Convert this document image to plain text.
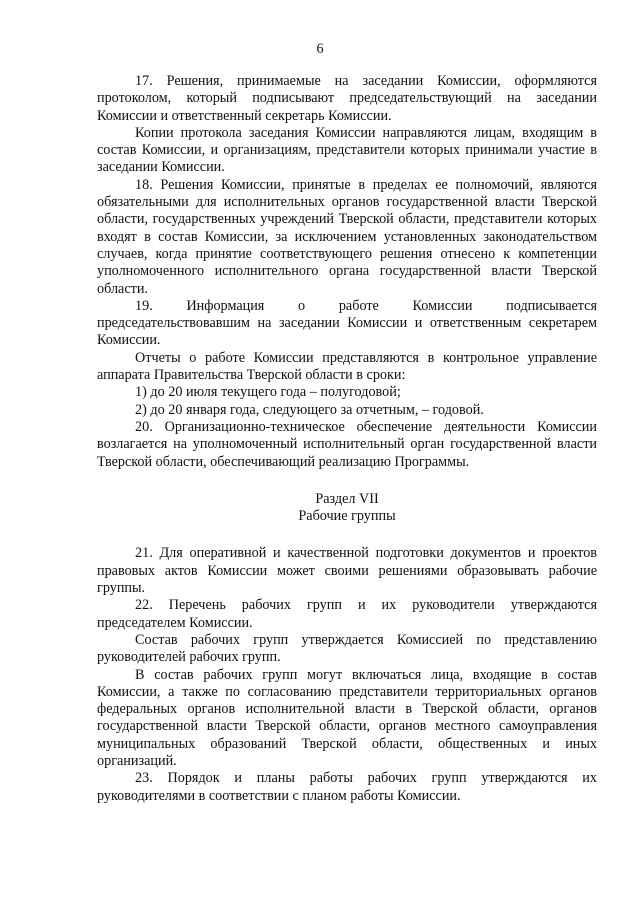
6

17. Решения, принимаемые на заседании Комиссии, оформляются протоколом, который подписывают председательствующий на заседании Комиссии и ответственный секретарь Комиссии.

Копии протокола заседания Комиссии направляются лицам, входящим в состав Комиссии, и организациям, представители которых принимали участие в заседании Комиссии.

18. Решения Комиссии, принятые в пределах ее полномочий, являются обязательными для исполнительных органов государственной власти Тверской области, государственных учреждений Тверской области, представители которых входят в состав Комиссии, за исключением установленных законодательством случаев, когда принятие соответствующего решения отнесено к компетенции уполномоченного исполнительного органа государственной власти Тверской области.

19. Информация о работе Комиссии подписывается председательствовавшим на заседании Комиссии и ответственным секретарем Комиссии.

Отчеты о работе Комиссии представляются в контрольное управление аппарата Правительства Тверской области в сроки:

1) до 20 июля текущего года – полугодовой;

2) до 20 января года, следующего за отчетным, – годовой.

20. Организационно-техническое обеспечение деятельности Комиссии возлагается на уполномоченный исполнительный орган государственной власти Тверской области, обеспечивающий реализацию Программы.

Раздел VII

Рабочие группы

21. Для оперативной и качественной подготовки документов и проектов правовых актов Комиссии может своими решениями образовывать рабочие группы.

22. Перечень рабочих групп и их руководители утверждаются председателем Комиссии.

Состав рабочих групп утверждается Комиссией по представлению руководителей рабочих групп.

В состав рабочих групп могут включаться лица, входящие в состав Комиссии, а также по согласованию представители территориальных органов федеральных органов исполнительной власти в Тверской области, органов государственной власти Тверской области, органов местного самоуправления муниципальных образований Тверской области, общественных и иных организаций.

23. Порядок и планы работы рабочих групп утверждаются их руководителями в соответствии с планом работы Комиссии.
